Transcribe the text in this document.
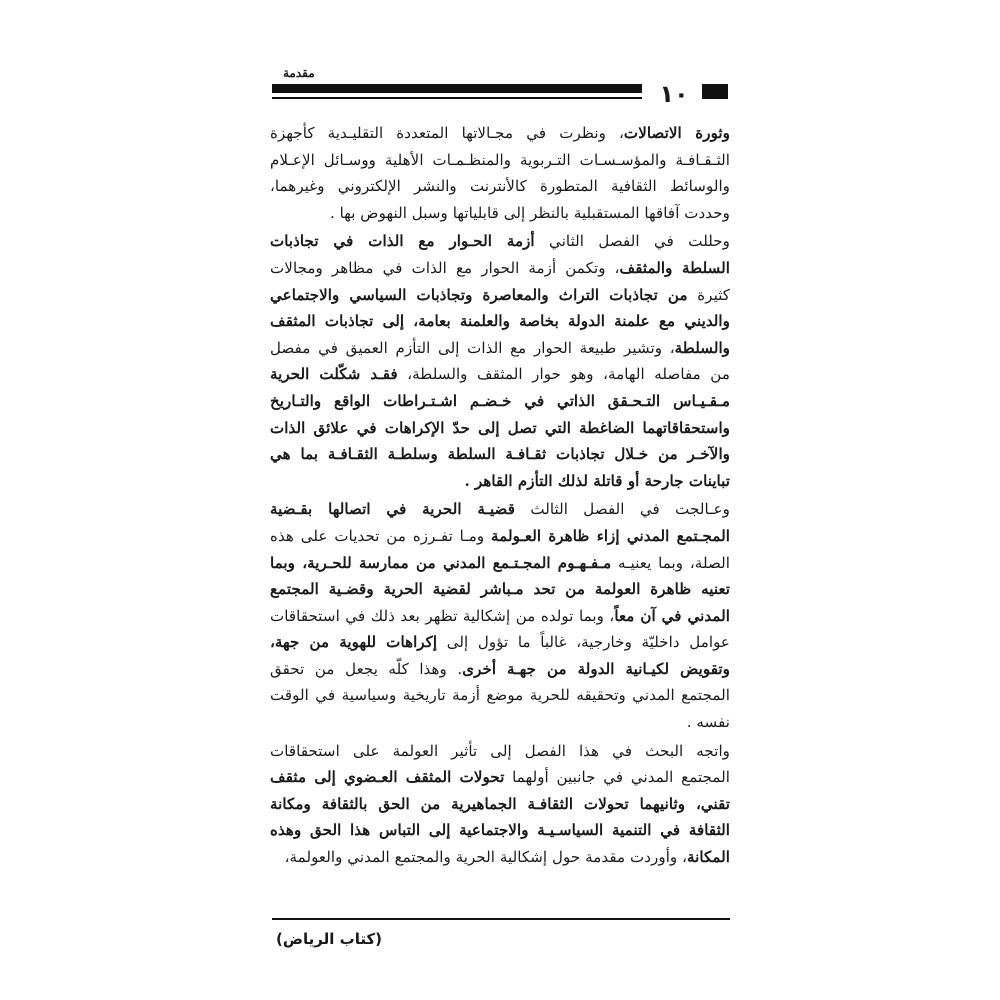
مقدمة
١٠
وثورة الاتصالات، ونظرت في مجـالاتها المتعددة التقليـدية كأجهزة
الثـقـافـة والمؤسـسـات التـربوية والمنظـمـات الأهلية ووسـائل الإعـلام
والوسائط الثقافية المتطورة كالأنترنت والنشر الإلكتروني وغيرهما،
وحددت آفاقها المستقبلية بالنظر إلى قابلياتها وسبل النهوض بها .
وحللت في الفصل الثاني أزمة الحـوار مع الذات في تجاذبات
السلطة والمثقف، وتكمن أزمة الحوار مع الذات في مظاهر ومجالات
كثيرة من تجاذبات التراث والمعاصرة وتجاذبات السياسي والاجتماعي
والديني مع علمنة الدولة بخاصة والعلمنة بعامة، إلى تجاذبات المثقف
والسلطة، وتشير طبيعة الحوار مع الذات إلى التأزم العميق في مفصل
من مفاصله الهامة، وهو حوار المثقف والسلطة، فقـد شكّلت الحرية
مـقـيـاس التـحـقق الذاتي في خـضـم اشـتـراطات الواقع والتـاريخ
واستحقاقاتهما الضاغطة التي تصل إلى حدّ الإكراهات في علائق الذات
والآخـر من خـلال تجاذبات ثقـافـة السلطة وسلطـة الثقـافـة بما هي
تباينات جارحة أو قاتلة لذلك التأزم القاهر .
وعـالجت في الفصل الثالث قضيـة الحرية في اتصالها بقـضية
المجـتمع المدني إزاء ظاهرة العـولمة ومـا تفـرزه من تحديات على هذه
الصلة، وبما يعنيـه مـفـهـوم المجـتـمع المدني من ممارسة للحـرية، وبما
تعنيه ظاهرة العولمة من تحد مـباشر لقضية الحرية وقضـية المجتمع
المدني في آن معاً، وبما تولده من إشكالية تظهر بعد ذلك في استحقاقات
عوامل داخليّة وخارجية، غالباً ما تؤول إلى إكراهات للهوية من جهة،
وتقويض لكيـانية الدولة من جهـة أخرى. وهذا كلّه يجعل من تحقق
المجتمع المدني وتحقيقه للحرية موضع أزمة تاريخية وسياسية في الوقت
نفسه .
واتجه البحث في هذا الفصل إلى تأثير العولمة على استحقاقات
المجتمع المدني في جانبين أولهما تحولات المثقف العـضوي إلى مثقف
تقني، وثانيهما تحولات الثقافـة الجماهيرية من الحق بالثقافة ومكانة
الثقافة في التنمية السياسـيـة والاجتماعية إلى التباس هذا الحق وهذه
المكانة، وأوردت مقدمة حول إشكالية الحرية والمجتمع المدني والعولمة،
(كتاب الرياض)
